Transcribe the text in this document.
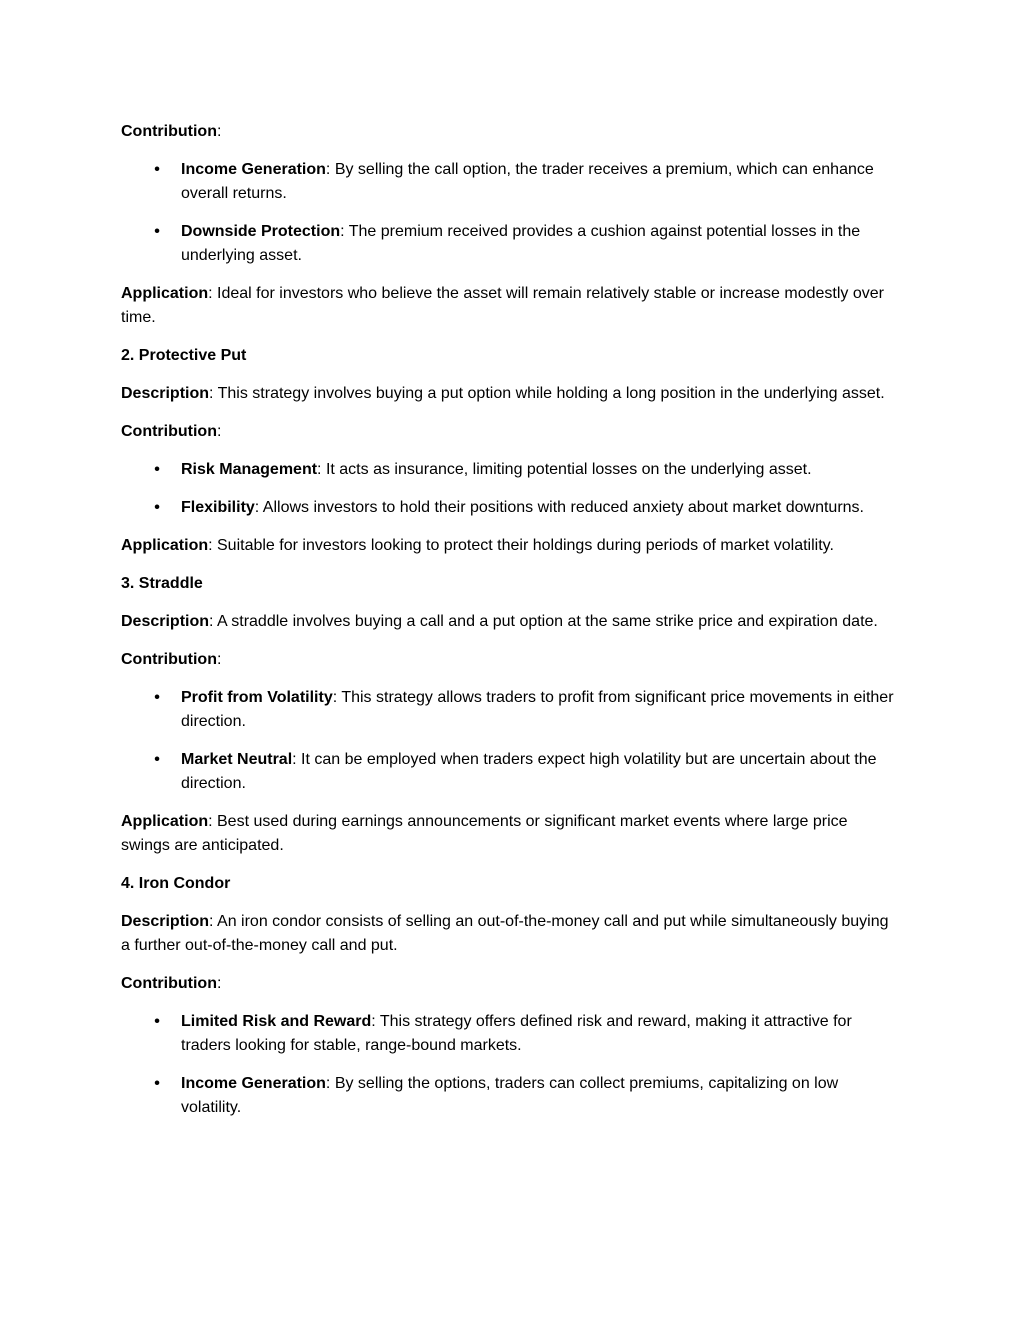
Contribution:

• Income Generation: By selling the call option, the trader receives a premium, which can enhance overall returns.
• Downside Protection: The premium received provides a cushion against potential losses in the underlying asset.

Application: Ideal for investors who believe the asset will remain relatively stable or increase modestly over time.

2. Protective Put

Description: This strategy involves buying a put option while holding a long position in the underlying asset.

Contribution:

• Risk Management: It acts as insurance, limiting potential losses on the underlying asset.
• Flexibility: Allows investors to hold their positions with reduced anxiety about market downturns.

Application: Suitable for investors looking to protect their holdings during periods of market volatility.

3. Straddle

Description: A straddle involves buying a call and a put option at the same strike price and expiration date.

Contribution:

• Profit from Volatility: This strategy allows traders to profit from significant price movements in either direction.
• Market Neutral: It can be employed when traders expect high volatility but are uncertain about the direction.

Application: Best used during earnings announcements or significant market events where large price swings are anticipated.

4. Iron Condor

Description: An iron condor consists of selling an out-of-the-money call and put while simultaneously buying a further out-of-the-money call and put.

Contribution:

• Limited Risk and Reward: This strategy offers defined risk and reward, making it attractive for traders looking for stable, range-bound markets.
• Income Generation: By selling the options, traders can collect premiums, capitalizing on low volatility.
